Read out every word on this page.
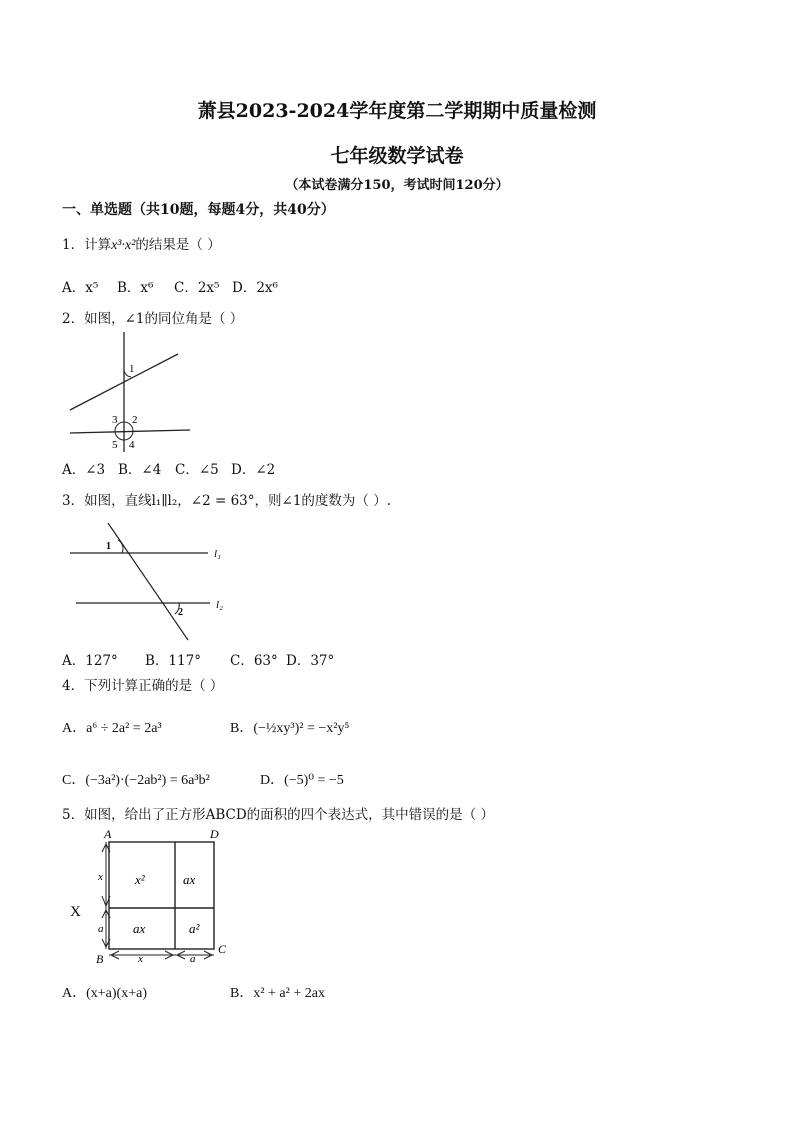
萧县2023-2024学年度第二学期期中质量检测
七年级数学试卷
（本试卷满分150，考试时间120分）
一、单选题（共10题，每题4分，共40分）
1．计算x³·x²的结果是（ ）
A．x⁵ B．x⁶ C．2x⁵ D．2x⁶
2．如图，∠1的同位角是（ ）
1
3 2
5 4
A．∠3 B．∠4 C．∠5 D．∠2
3．如图，直线l₁∥l₂，∠2 = 63°，则∠1的度数为（ ）.
1
2
l₁
l₂
A．127° B．117° C．63° D．37°
4．下列计算正确的是（ ）
A．a⁶ ÷ 2a² = 2a³	B．(−½xy³)² = −x²y⁵
C．(−3a²)·(−2ab²) = 6a³b²	D．(−5)⁰ = −5
5．如图，给出了正方形ABCD的面积的四个表达式，其中错误的是（ ）
A	D
B
C
X
x²	ax
ax	a²
x
a
x	a
A．(x+a)(x+a)	B．x² + a² + 2ax
